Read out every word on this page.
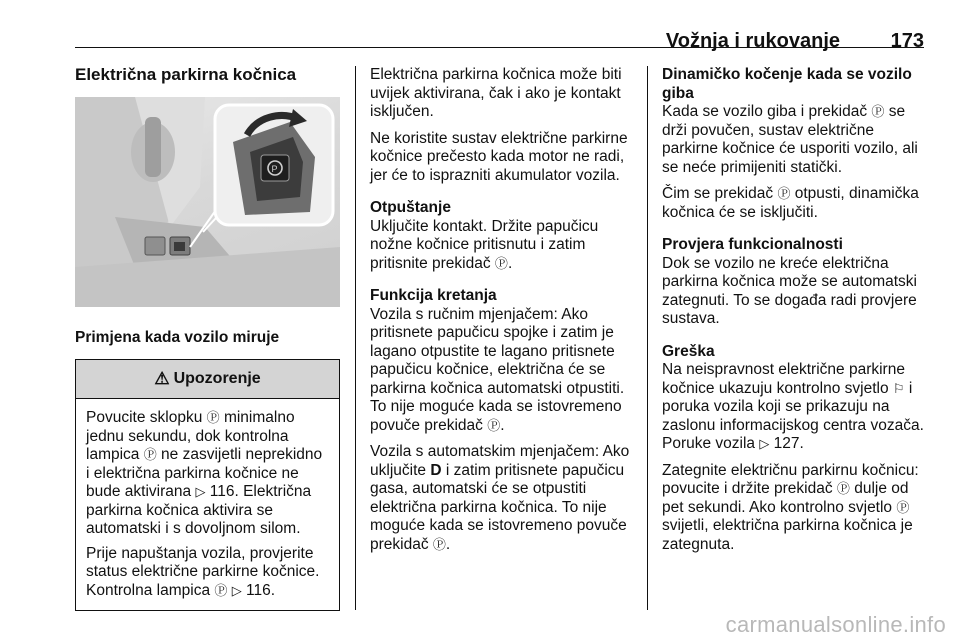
Vožnja i rukovanje	173
Električna parkirna kočnica
P
Primjena kada vozilo miruje
⚠ Upozorenje

Povucite sklopku Ⓟ minimalno jednu sekundu, dok kontrolna lampica Ⓟ ne zasvijetli neprekidno i električna parkirna kočnice ne bude aktivirana ▷ 116. Električna parkirna kočnica aktivira se automatski i s dovoljnom silom.

Prije napuštanja vozila, provjerite status električne parkirne kočnice. Kontrolna lampica Ⓟ ▷ 116.

Električna parkirna kočnica može biti uvijek aktivirana, čak i ako je kontakt isključen.

Ne koristite sustav električne parkirne kočnice prečesto kada motor ne radi, jer će to isprazniti akumulator vozila.

Otpuštanje

Uključite kontakt. Držite papučicu nožne kočnice pritisnutu i zatim pritisnite prekidač Ⓟ.

Funkcija kretanja

Vozila s ručnim mjenjačem: Ako pritisnete papučicu spojke i zatim je lagano otpustite te lagano pritisnete papučicu kočnice, električna će se parkirna kočnica automatski otpustiti. To nije moguće kada se istovremeno povuče prekidač Ⓟ.

Vozila s automatskim mjenjačem: Ako uključite D i zatim pritisnete papučicu gasa, automatski će se otpustiti električna parkirna kočnica. To nije moguće kada se istovremeno povuče prekidač Ⓟ.

Dinamičko kočenje kada se vozilo giba

Kada se vozilo giba i prekidač Ⓟ se drži povučen, sustav električne parkirne kočnice će usporiti vozilo, ali se neće primijeniti statički.

Čim se prekidač Ⓟ otpusti, dinamička kočnica će se isključiti.

Provjera funkcionalnosti

Dok se vozilo ne kreće električna parkirna kočnica može se automatski zategnuti. To se događa radi provjere sustava.

Greška

Na neispravnost električne parkirne kočnice ukazuju kontrolno svjetlo ⚐ i poruka vozila koji se prikazuju na zaslonu informacijskog centra vozača. Poruke vozila ▷ 127.

Zategnite električnu parkirnu kočnicu: povucite i držite prekidač Ⓟ dulje od pet sekundi. Ako kontrolno svjetlo Ⓟ svijetli, električna parkirna kočnica je zategnuta.

carmanualsonline.info
